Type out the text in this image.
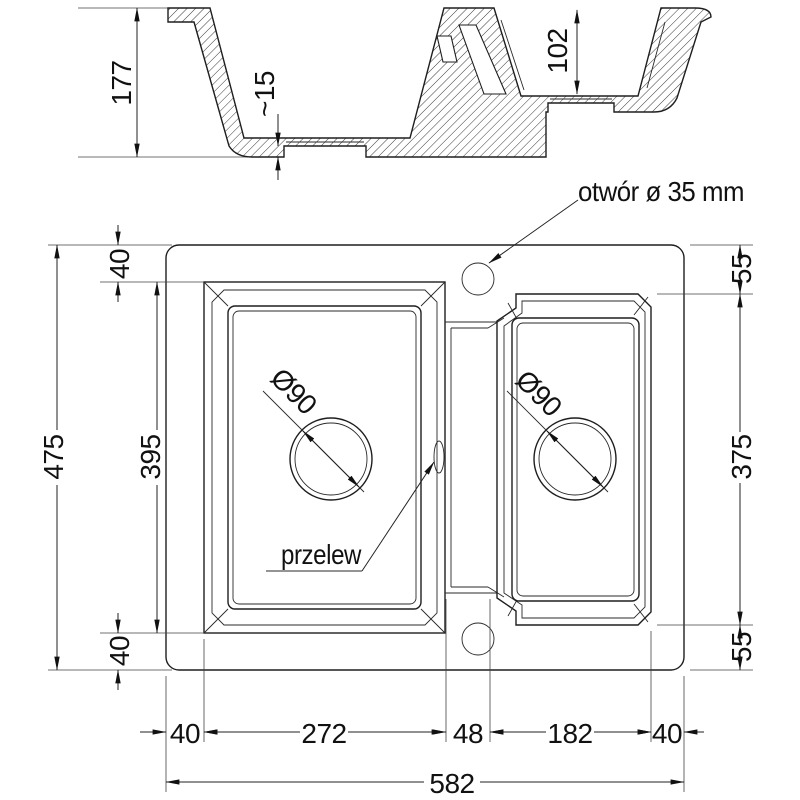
177	~15
102
otwór ø 35 mm
Ø90
przelew
Ø90
475
40
395
40
55
375
55
40	272	48 182 40
582
